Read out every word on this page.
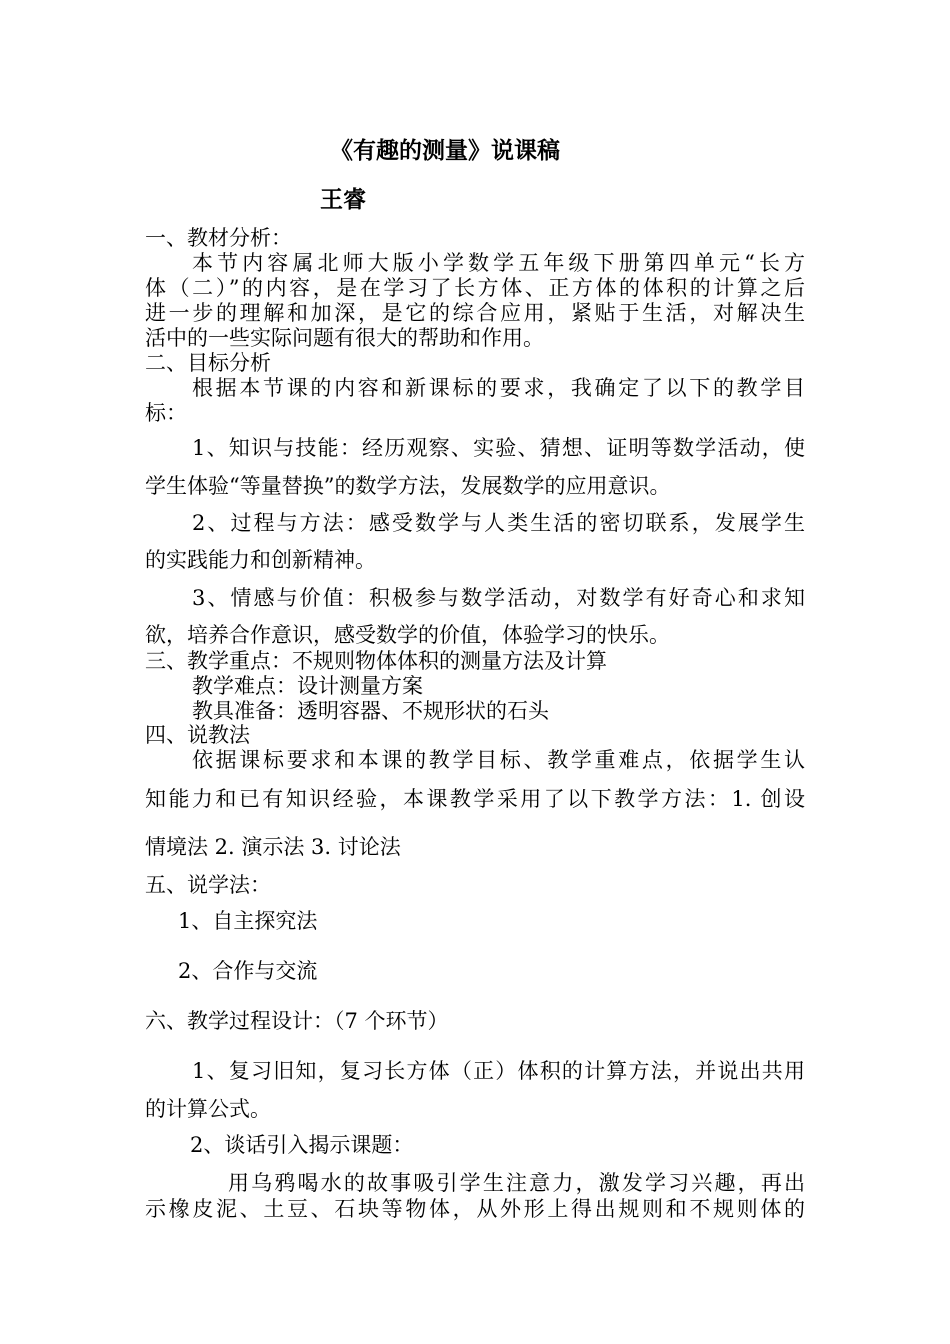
《有趣的测量》说课稿
王睿
一、教材分析：
本节内容属北师大版小学数学五年级下册第四单元“长方
体（二）”的内容，是在学习了长方体、正方体的体积的计算之后
进一步的理解和加深，是它的综合应用，紧贴于生活，对解决生
活中的一些实际问题有很大的帮助和作用。
二、目标分析
根据本节课的内容和新课标的要求，我确定了以下的教学目
标：
1、知识与技能：经历观察、实验、猜想、证明等数学活动，使
学生体验“等量替换”的数学方法，发展数学的应用意识。
2、过程与方法：感受数学与人类生活的密切联系，发展学生
的实践能力和创新精神。
3、情感与价值：积极参与数学活动，对数学有好奇心和求知
欲，培养合作意识，感受数学的价值，体验学习的快乐。
三、教学重点：不规则物体体积的测量方法及计算
教学难点：设计测量方案
教具准备：透明容器、不规形状的石头
四、说教法
依据课标要求和本课的教学目标、教学重难点，依据学生认
知能力和已有知识经验，本课教学采用了以下教学方法：1. 创设
情境法 2. 演示法 3. 讨论法
五、说学法：
1、自主探究法
2、合作与交流
六、教学过程设计：（7 个环节）
1、复习旧知，复习长方体（正）体积的计算方法，并说出共用
的计算公式。
2、谈话引入揭示课题：
用乌鸦喝水的故事吸引学生注意力，激发学习兴趣，再出
示橡皮泥、土豆、石块等物体，从外形上得出规则和不规则体的
